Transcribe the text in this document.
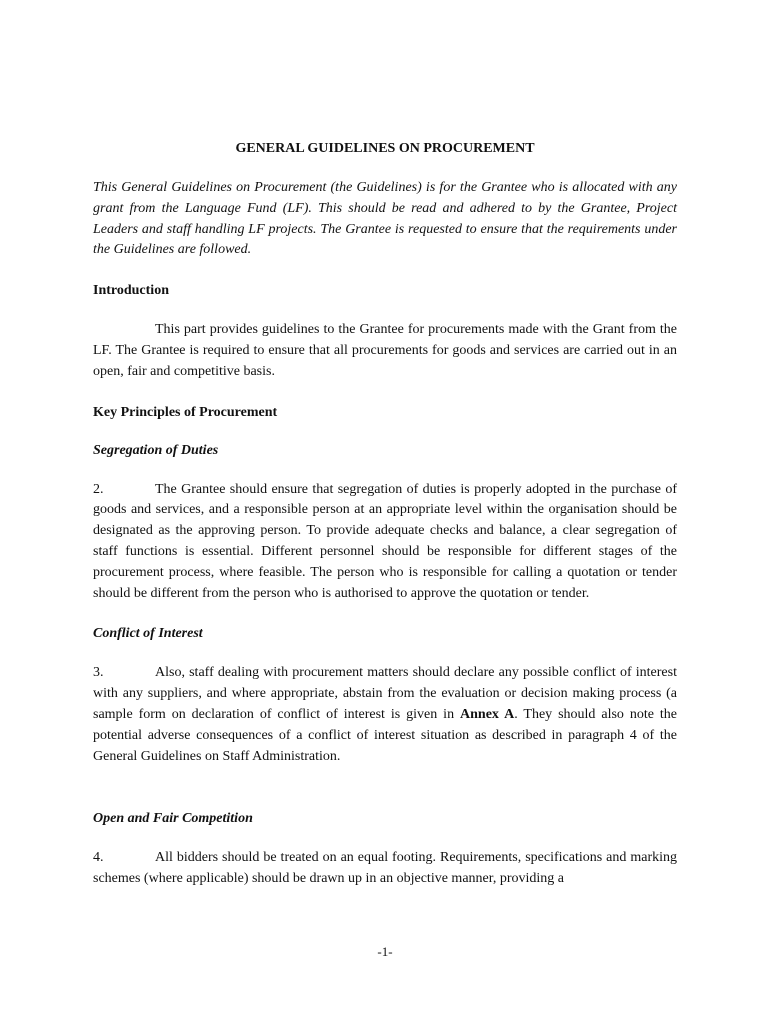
GENERAL GUIDELINES ON PROCUREMENT

This General Guidelines on Procurement (the Guidelines) is for the Grantee who is allocated with any grant from the Language Fund (LF). This should be read and adhered to by the Grantee, Project Leaders and staff handling LF projects. The Grantee is requested to ensure that the requirements under the Guidelines are followed.

Introduction

This part provides guidelines to the Grantee for procurements made with the Grant from the LF. The Grantee is required to ensure that all procurements for goods and services are carried out in an open, fair and competitive basis.

Key Principles of Procurement
Segregation of Duties

2.	The Grantee should ensure that segregation of duties is properly adopted in the purchase of goods and services, and a responsible person at an appropriate level within the organisation should be designated as the approving person. To provide adequate checks and balance, a clear segregation of staff functions is essential. Different personnel should be responsible for different stages of the procurement process, where feasible. The person who is responsible for calling a quotation or tender should be different from the person who is authorised to approve the quotation or tender.

Conflict of Interest

3.	Also, staff dealing with procurement matters should declare any possible conflict of interest with any suppliers, and where appropriate, abstain from the evaluation or decision making process (a sample form on declaration of conflict of interest is given in Annex A. They should also note the potential adverse consequences of a conflict of interest situation as described in paragraph 4 of the General Guidelines on Staff Administration.

Open and Fair Competition

4.	All bidders should be treated on an equal footing. Requirements, specifications and marking schemes (where applicable) should be drawn up in an objective manner, providing a

-1-
